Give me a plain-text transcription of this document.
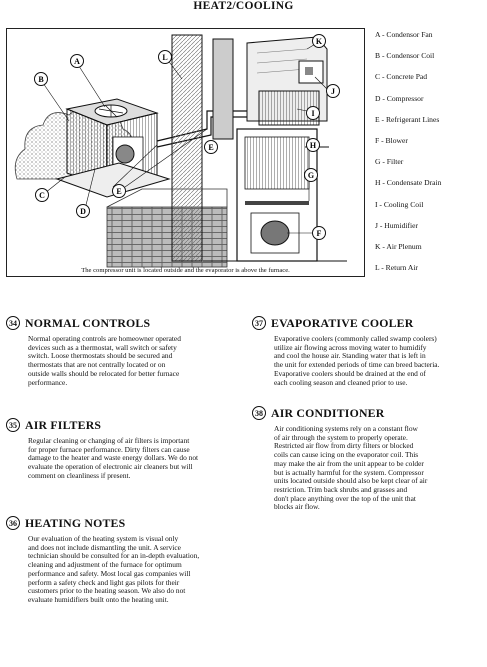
HEAT2/COOLING
A
B
C
D
E
E
F
G
H
I
J
K
L
The compressor unit is located outside and the evaporator is above the furnace.
A - Condensor Fan
B - Condensor Coil
C - Concrete Pad
D - Compressor
E - Refrigerant Lines
F - Blower
G - Filter
H - Condensate Drain
I - Cooling Coil
J - Humidifier
K - Air Plenum
L - Return Air
34 NORMAL CONTROLS
Normal operating controls are homeowner operated
devices such as a thermostat, wall switch or safety
switch. Loose thermostats should be secured and
thermostats that are not centrally located or on
outside walls should be relocated for better furnace
performance.
35 AIR FILTERS
Regular cleaning or changing of air filters is important
for proper furnace performance. Dirty filters can cause
damage to the heater and waste energy dollars. We do not
evaluate the operation of electronic air cleaners but will
comment on cleanliness if present.
36 HEATING NOTES
Our evaluation of the heating system is visual only
and does not include dismantling the unit. A service
technician should be consulted for an in-depth evaluation,
cleaning and adjustment of the furnace for optimum
performance and safety. Most local gas companies will
perform a safety check and light gas pilots for their
customers prior to the heating season. We also do not
evaluate humidifiers built onto the heating unit.
37 EVAPORATIVE COOLER
Evaporative coolers (commonly called swamp coolers)
utilize air flowing across moving water to humidify
and cool the house air. Standing water that is left in
the unit for extended periods of time can breed bacteria.
Evaporative coolers should be drained at the end of
each cooling season and cleaned prior to use.
38 AIR CONDITIONER
Air conditioning systems rely on a constant flow
of air through the system to properly operate.
Restricted air flow from dirty filters or blocked
coils can cause icing on the evaporator coil. This
may make the air from the unit appear to be colder
but is actually harmful for the system. Compressor
units located outside should also be kept clear of air
restriction. Trim back shrubs and grasses and
don't place anything over the top of the unit that
blocks air flow.
